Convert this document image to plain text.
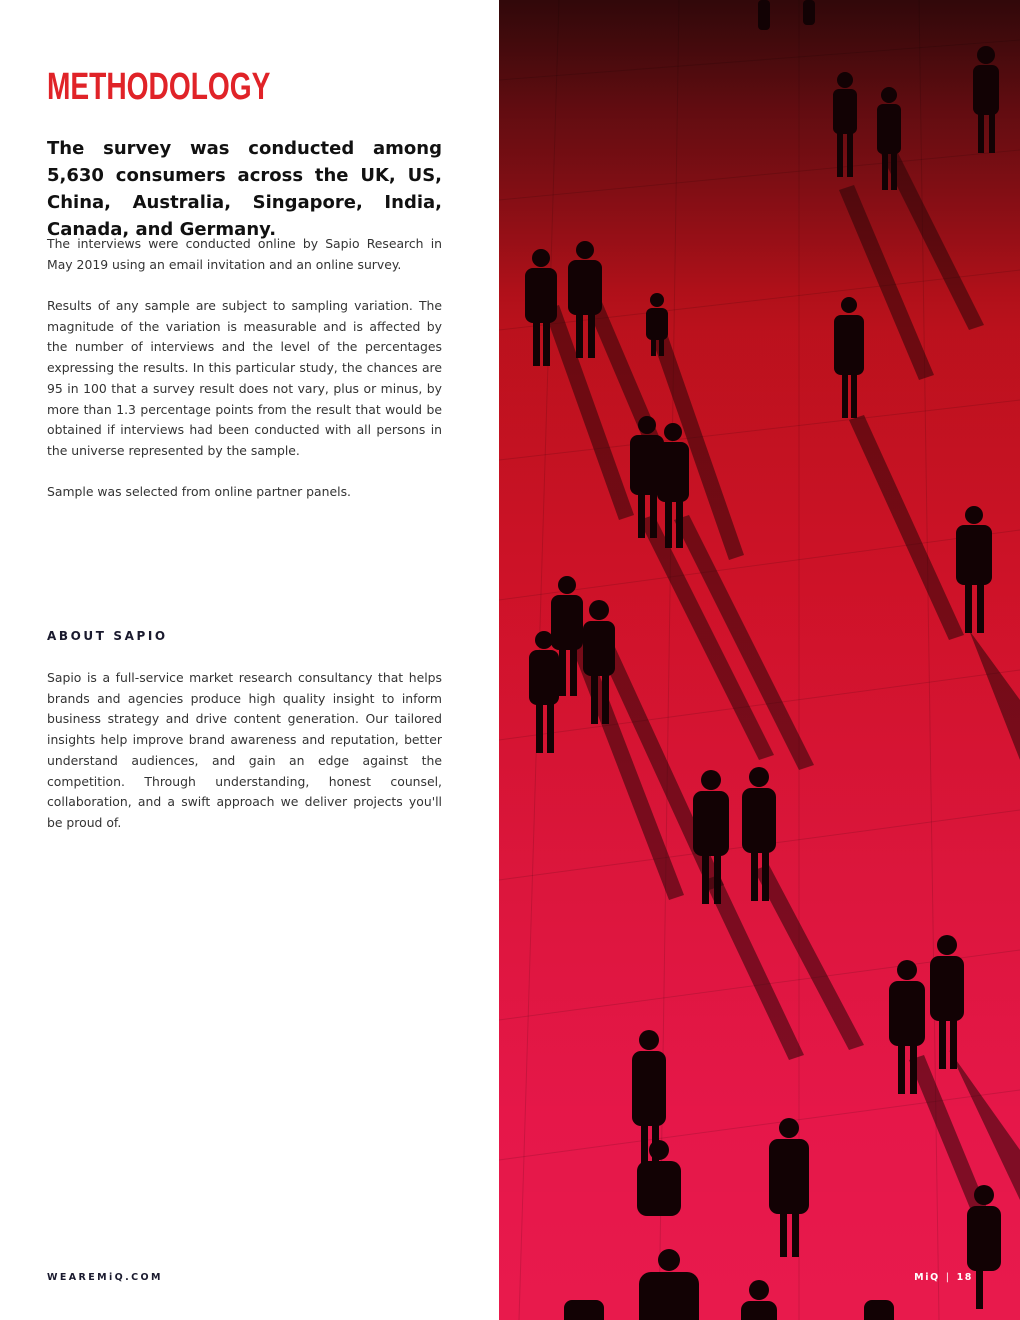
METHODOLOGY

The survey was conducted among 5,630 consumers across the UK, US, China, Australia, Singapore, India, Canada, and Germany.

The interviews were conducted online by Sapio Research in May 2019 using an email invitation and an online survey.

Results of any sample are subject to sampling variation. The magnitude of the variation is measurable and is affected by the number of interviews and the level of the percentages expressing the results. In this particular study, the chances are 95 in 100 that a survey result does not vary, plus or minus, by more than 1.3 percentage points from the result that would be obtained if interviews had been conducted with all persons in the universe represented by the sample.

Sample was selected from online partner panels.

ABOUT SAPIO

Sapio is a full-service market research consultancy that helps brands and agencies produce high quality insight to inform business strategy and drive content generation. Our tailored insights help improve brand awareness and reputation, better understand audiences, and gain an edge against the competition. Through understanding, honest counsel, collaboration, and a swift approach we deliver projects you'll be proud of.

WEAREMiQ.COM	MiQ | 18
